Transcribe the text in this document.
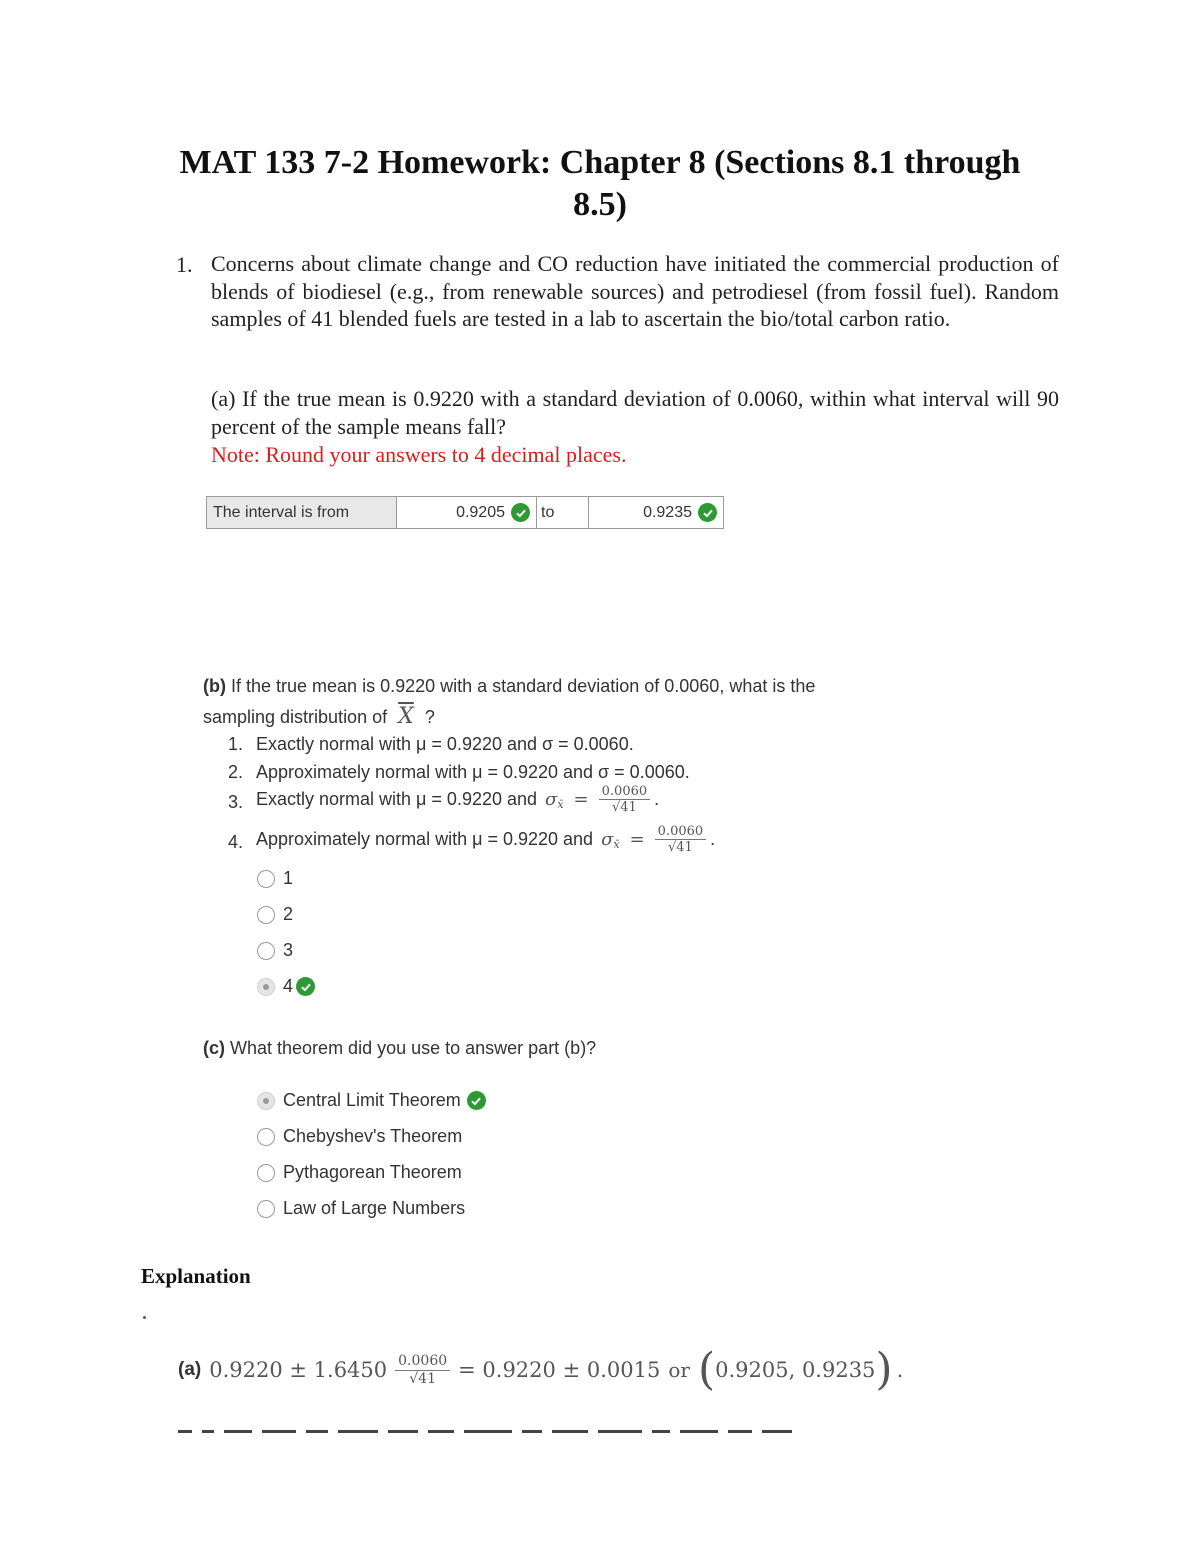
MAT 133 7-2 Homework: Chapter 8 (Sections 8.1 through
8.5)
1. Concerns about climate change and CO reduction have initiated the commercial production of blends of biodiesel (e.g., from renewable sources) and petrodiesel (from fossil fuel). Random samples of 41 blended fuels are tested in a lab to ascertain the bio/total carbon ratio.
(a) If the true mean is 0.9220 with a standard deviation of 0.0060, within what interval will 90 percent of the sample means fall?
Note: Round your answers to 4 decimal places.
The interval is from	0.9205 to	0.9235
(b) If the true mean is 0.9220 with a standard deviation of 0.0060, what is the
sampling distribution of $\overline{X}$ ?
1. Exactly normal with μ = 0.9220 and σ = 0.0060.
2. Approximately normal with μ = 0.9220 and σ = 0.0060.
3. Exactly normal with μ = 0.9220 and σ x̄ = $\frac{0.0060}{√41}$ .
4. Approximately normal with μ = 0.9220 and σ x̄ = $\frac{0.0060}{√41}$ .
1
2
3
4
(c) What theorem did you use to answer part (b)?
Central Limit Theorem
Chebyshev's Theorem
Pythagorean Theorem
Law of Large Numbers
Explanation
(a) $0.9220 \pm 1.6450 \frac{0.0060}{√41} = 0.9220 \pm 0.0015$ or ( 0.9205, 0.9235 ) .
